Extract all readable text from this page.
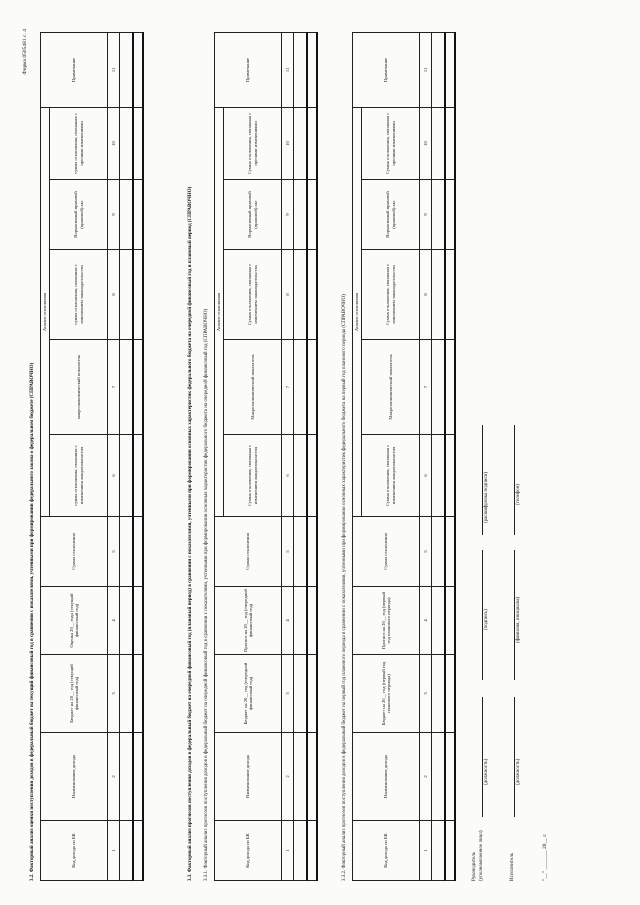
Форма 0505481 с. 4
3.2. Факторный анализ оценки поступления доходов в федеральный бюджет на текущий финансовый год в сравнении с показателями, учтенными при формировании федерального закона о федеральном бюджете (СПРАВОЧНО)	Код дохода по БК	Наименование дохода	Бюджет на 20__ год (текущий финансовый год)	Оценка 20__ года (текущий финансовый год)	Сумма отклонения	Анализ отклонения					Примечание
					сумма отклонения, связанная с изменением макропоказателя	макроэкономический показатель	сумма отклонения, связанная с изменением законодательства	Нормативный правовой (правовой) акт	сумма отклонения, связанная с прочими изменениями	
1	2	3	4	5	6	7	8	9	10	11

3.3. Факторный анализ прогнозов поступления доходов в федеральный бюджет на очередной финансовый год (плановый период) в сравнении с показателями, учтенными при формировании основных характеристик федерального бюджета на очередной финансовый год и плановый период (СПРАВОЧНО) 3.3.1. Факторный анализ прогнозов поступления доходов в федеральный бюджет на очередной финансовый год в сравнении с показателями, учтенными при формировании основных характеристик федерального бюджета на очередной финансовый год (СПРАВОЧНО)	Код дохода по БК	Наименование дохода	Бюджет на 20__ год (очередной финансовый год)	Прогноз на 20__ год (очередной финансовый год)	Сумма отклонения	Анализ отклонения					Примечание
					Сумма отклонения, связанная с изменением макропоказателя	Макроэкономический показатель	Сумма отклонения, связанная с изменением законодательства	Нормативный правовой (правовой) акт	Сумма отклонения, связанная с прочими изменениями	
1	2	3	4	5	6	7	8	9	10	11

3.3.2. Факторный анализ прогнозов поступления доходов в федеральный бюджет на первый год планового периода в сравнении с показателями, учтенными при формировании основных характеристик федерального бюджета на первый год планового периода (СПРАВОЧНО)	Код дохода по БК	Наименование дохода	Бюджет на 20__ год (первый год планового периода)	Прогноз на 20__ год (первый год планового периода)	Сумма отклонения	Анализ отклонения					Примечание
					Сумма отклонения, связанная с изменением макропоказателя	Макроэкономический показатель	Сумма отклонения, связанная с изменением законодательства	Нормативный правовой (правовой) акт	Сумма отклонения, связанная с прочими изменениями	
1	2	3	4	5	6	7	8	9	10	11

Руководитель (уполномоченное лицо)
(должность)
(подпись)
(расшифровка подписи)
Исполнитель
(должность)
(фамилия, инициалы)
(телефон)
"__" _______ 20__ г.
